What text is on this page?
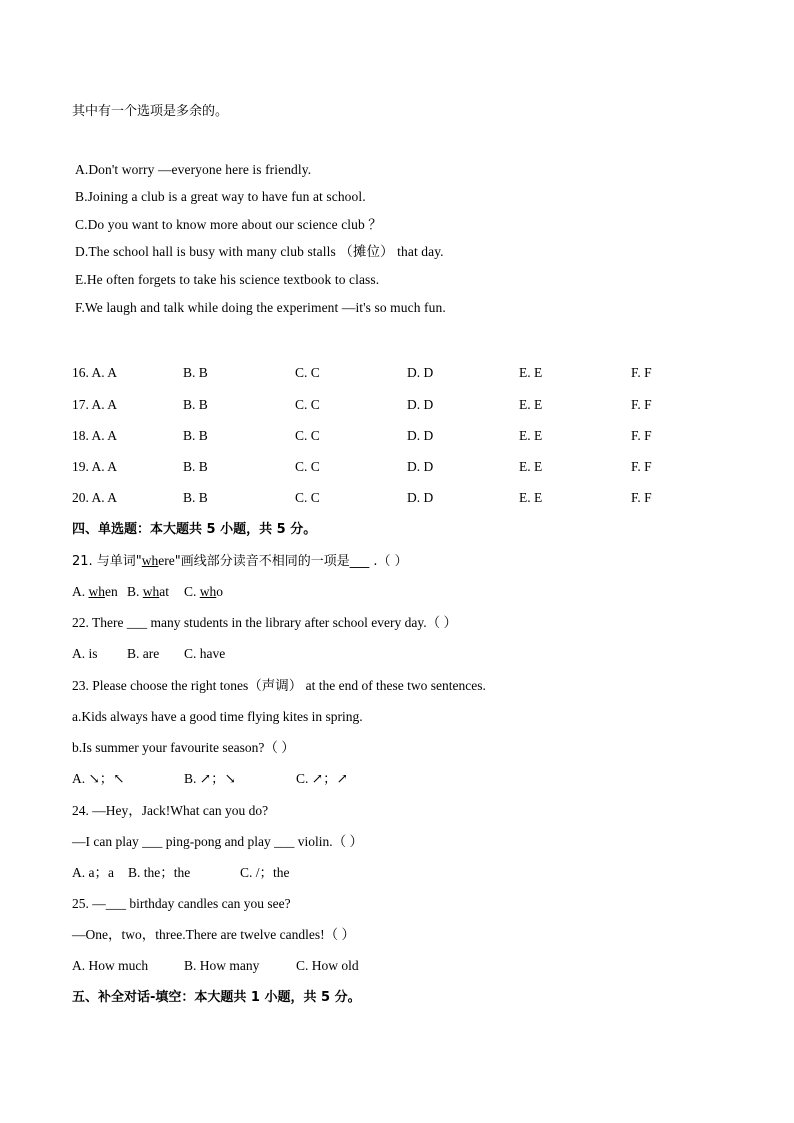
其中有一个选项是多余的。
A.Don't worry —everyone here is friendly.
B.Joining a club is a great way to have fun at school.
C.Do you want to know more about our science club ？
D.The school hall is busy with many club stalls （摊位） that day.
E.He often forgets to take his science textbook to class.
F.We laugh and talk while doing the experiment —it's so much fun.
16. A. A	B. B	C. C	D. D	E. E	F. F
17. A. A	B. B	C. C	D. D	E. E	F. F
18. A. A	B. B	C. C	D. D	E. E	F. F
19. A. A	B. B	C. C	D. D	E. E	F. F
20. A. A	B. B	C. C	D. D	E. E	F. F
四、单选题：本大题共 5 小题，共 5 分。
21. 与单词"where"画线部分读音不相同的一项是___ .（ ）
A. when B. what C. who
22. There ___ many students in the library after school every day.（ ）
A. is B. are C. have
23. Please choose the right tones（声调） at the end of these two sentences.
a.Kids always have a good time flying kites in spring.
b.Is summer your favourite season?（ ）
A. ↘；↖	B. ↗；↘	C. ↗；↗
24. —Hey，Jack!What can you do?
—I can play ___ ping-pong and play ___ violin.（ ）
A. a；a B. the；the	C. /；the
25. —___ birthday candles can you see?
—One，two，three.There are twelve candles!（ ）
A. How much	B. How many	C. How old
五、补全对话-填空：本大题共 1 小题，共 5 分。
